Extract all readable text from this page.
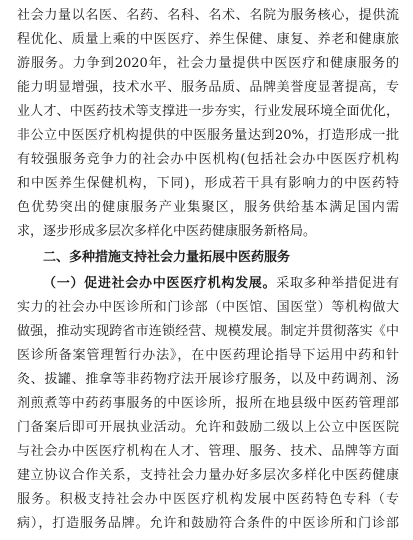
社会力量以名医、名药、名科、名术、名院为服务核心，提供流
程优化、质量上乘的中医医疗、养生保健、康复、养老和健康旅
游服务。力争到2020年，社会力量提供中医医疗和健康服务的
能力明显增强，技术水平、服务品质、品牌美誉度显著提高，专
业人才、中医药技术等支撑进一步夯实，行业发展环境全面优化，
非公立中医医疗机构提供的中医服务量达到20%，打造形成一批
有较强服务竞争力的社会办中医机构(包括社会办中医医疗机构
和中医养生保健机构，下同)，形成若干具有影响力的中医药特
色优势突出的健康服务产业集聚区，服务供给基本满足国内需
求，逐步形成多层次多样化中医药健康服务新格局。
二、多种措施支持社会力量拓展中医药服务
（一）促进社会办中医医疗机构发展。采取多种举措促进有
实力的社会办中医诊所和门诊部（中医馆、国医堂）等机构做大
做强，推动实现跨省市连锁经营、规模发展。制定并贯彻落实《中
医诊所备案管理暂行办法》，在中医药理论指导下运用中药和针
灸、拔罐、推拿等非药物疗法开展诊疗服务，以及中药调剂、汤
剂煎煮等中药药事服务的中医诊所，报所在地县级中医药管理部
门备案后即可开展执业活动。允许和鼓励二级以上公立中医医院
与社会办中医医疗机构在人才、管理、服务、技术、品牌等方面
建立协议合作关系，支持社会力量办好多层次多样化中医药健康
服务。积极支持社会办中医医疗机构发展中医药特色专科（专
病），打造服务品牌。允许和鼓励符合条件的中医诊所和门诊部
